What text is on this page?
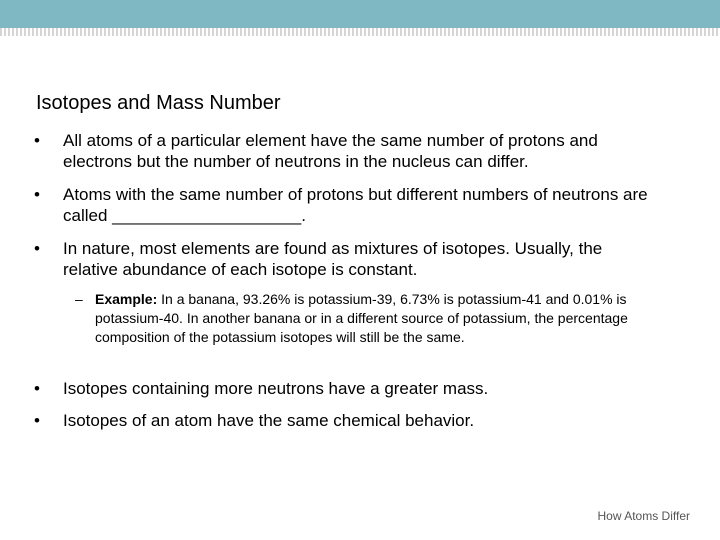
Isotopes and Mass Number
• All atoms of a particular element have the same number of protons and electrons but the number of neutrons in the nucleus can differ.
• Atoms with the same number of protons but different numbers of neutrons are called ____________________.
• In nature, most elements are found as mixtures of isotopes. Usually, the relative abundance of each isotope is constant.
– Example: In a banana, 93.26% is potassium-39, 6.73% is potassium-41 and 0.01% is potassium-40. In another banana or in a different source of potassium, the percentage composition of the potassium isotopes will still be the same.
• Isotopes containing more neutrons have a greater mass.
• Isotopes of an atom have the same chemical behavior.
How Atoms Differ
